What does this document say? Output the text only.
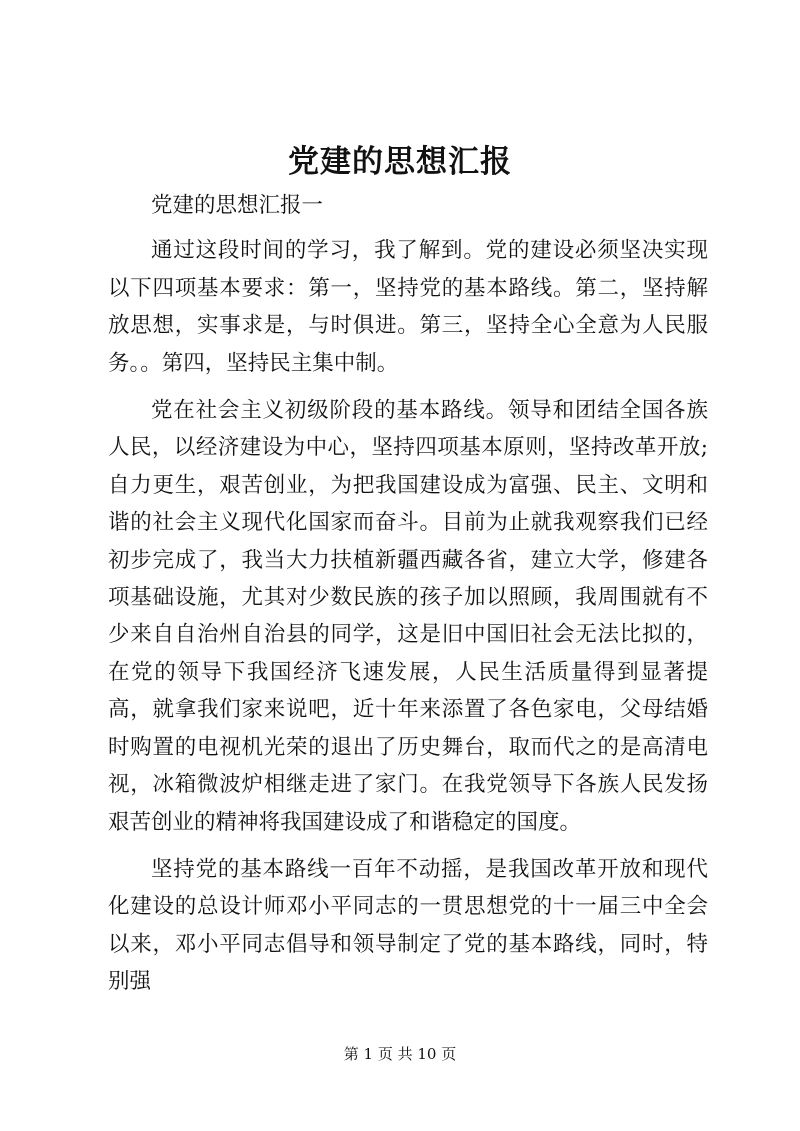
党建的思想汇报

党建的思想汇报一

通过这段时间的学习，我了解到。党的建设必须坚决实现以下四项基本要求：第一，坚持党的基本路线。第二，坚持解放思想，实事求是，与时俱进。第三，坚持全心全意为人民服务。。第四，坚持民主集中制。

党在社会主义初级阶段的基本路线。领导和团结全国各族人民，以经济建设为中心，坚持四项基本原则，坚持改革开放;自力更生，艰苦创业，为把我国建设成为富强、民主、文明和谐的社会主义现代化国家而奋斗。目前为止就我观察我们已经初步完成了，我当大力扶植新疆西藏各省，建立大学，修建各项基础设施，尤其对少数民族的孩子加以照顾，我周围就有不少来自自治州自治县的同学，这是旧中国旧社会无法比拟的，在党的领导下我国经济飞速发展，人民生活质量得到显著提高，就拿我们家来说吧，近十年来添置了各色家电，父母结婚时购置的电视机光荣的退出了历史舞台，取而代之的是高清电视，冰箱微波炉相继走进了家门。在我党领导下各族人民发扬艰苦创业的精神将我国建设成了和谐稳定的国度。

坚持党的基本路线一百年不动摇，是我国改革开放和现代化建设的总设计师邓小平同志的一贯思想党的十一届三中全会以来，邓小平同志倡导和领导制定了党的基本路线，同时，特别强

第 1 页 共 10 页
